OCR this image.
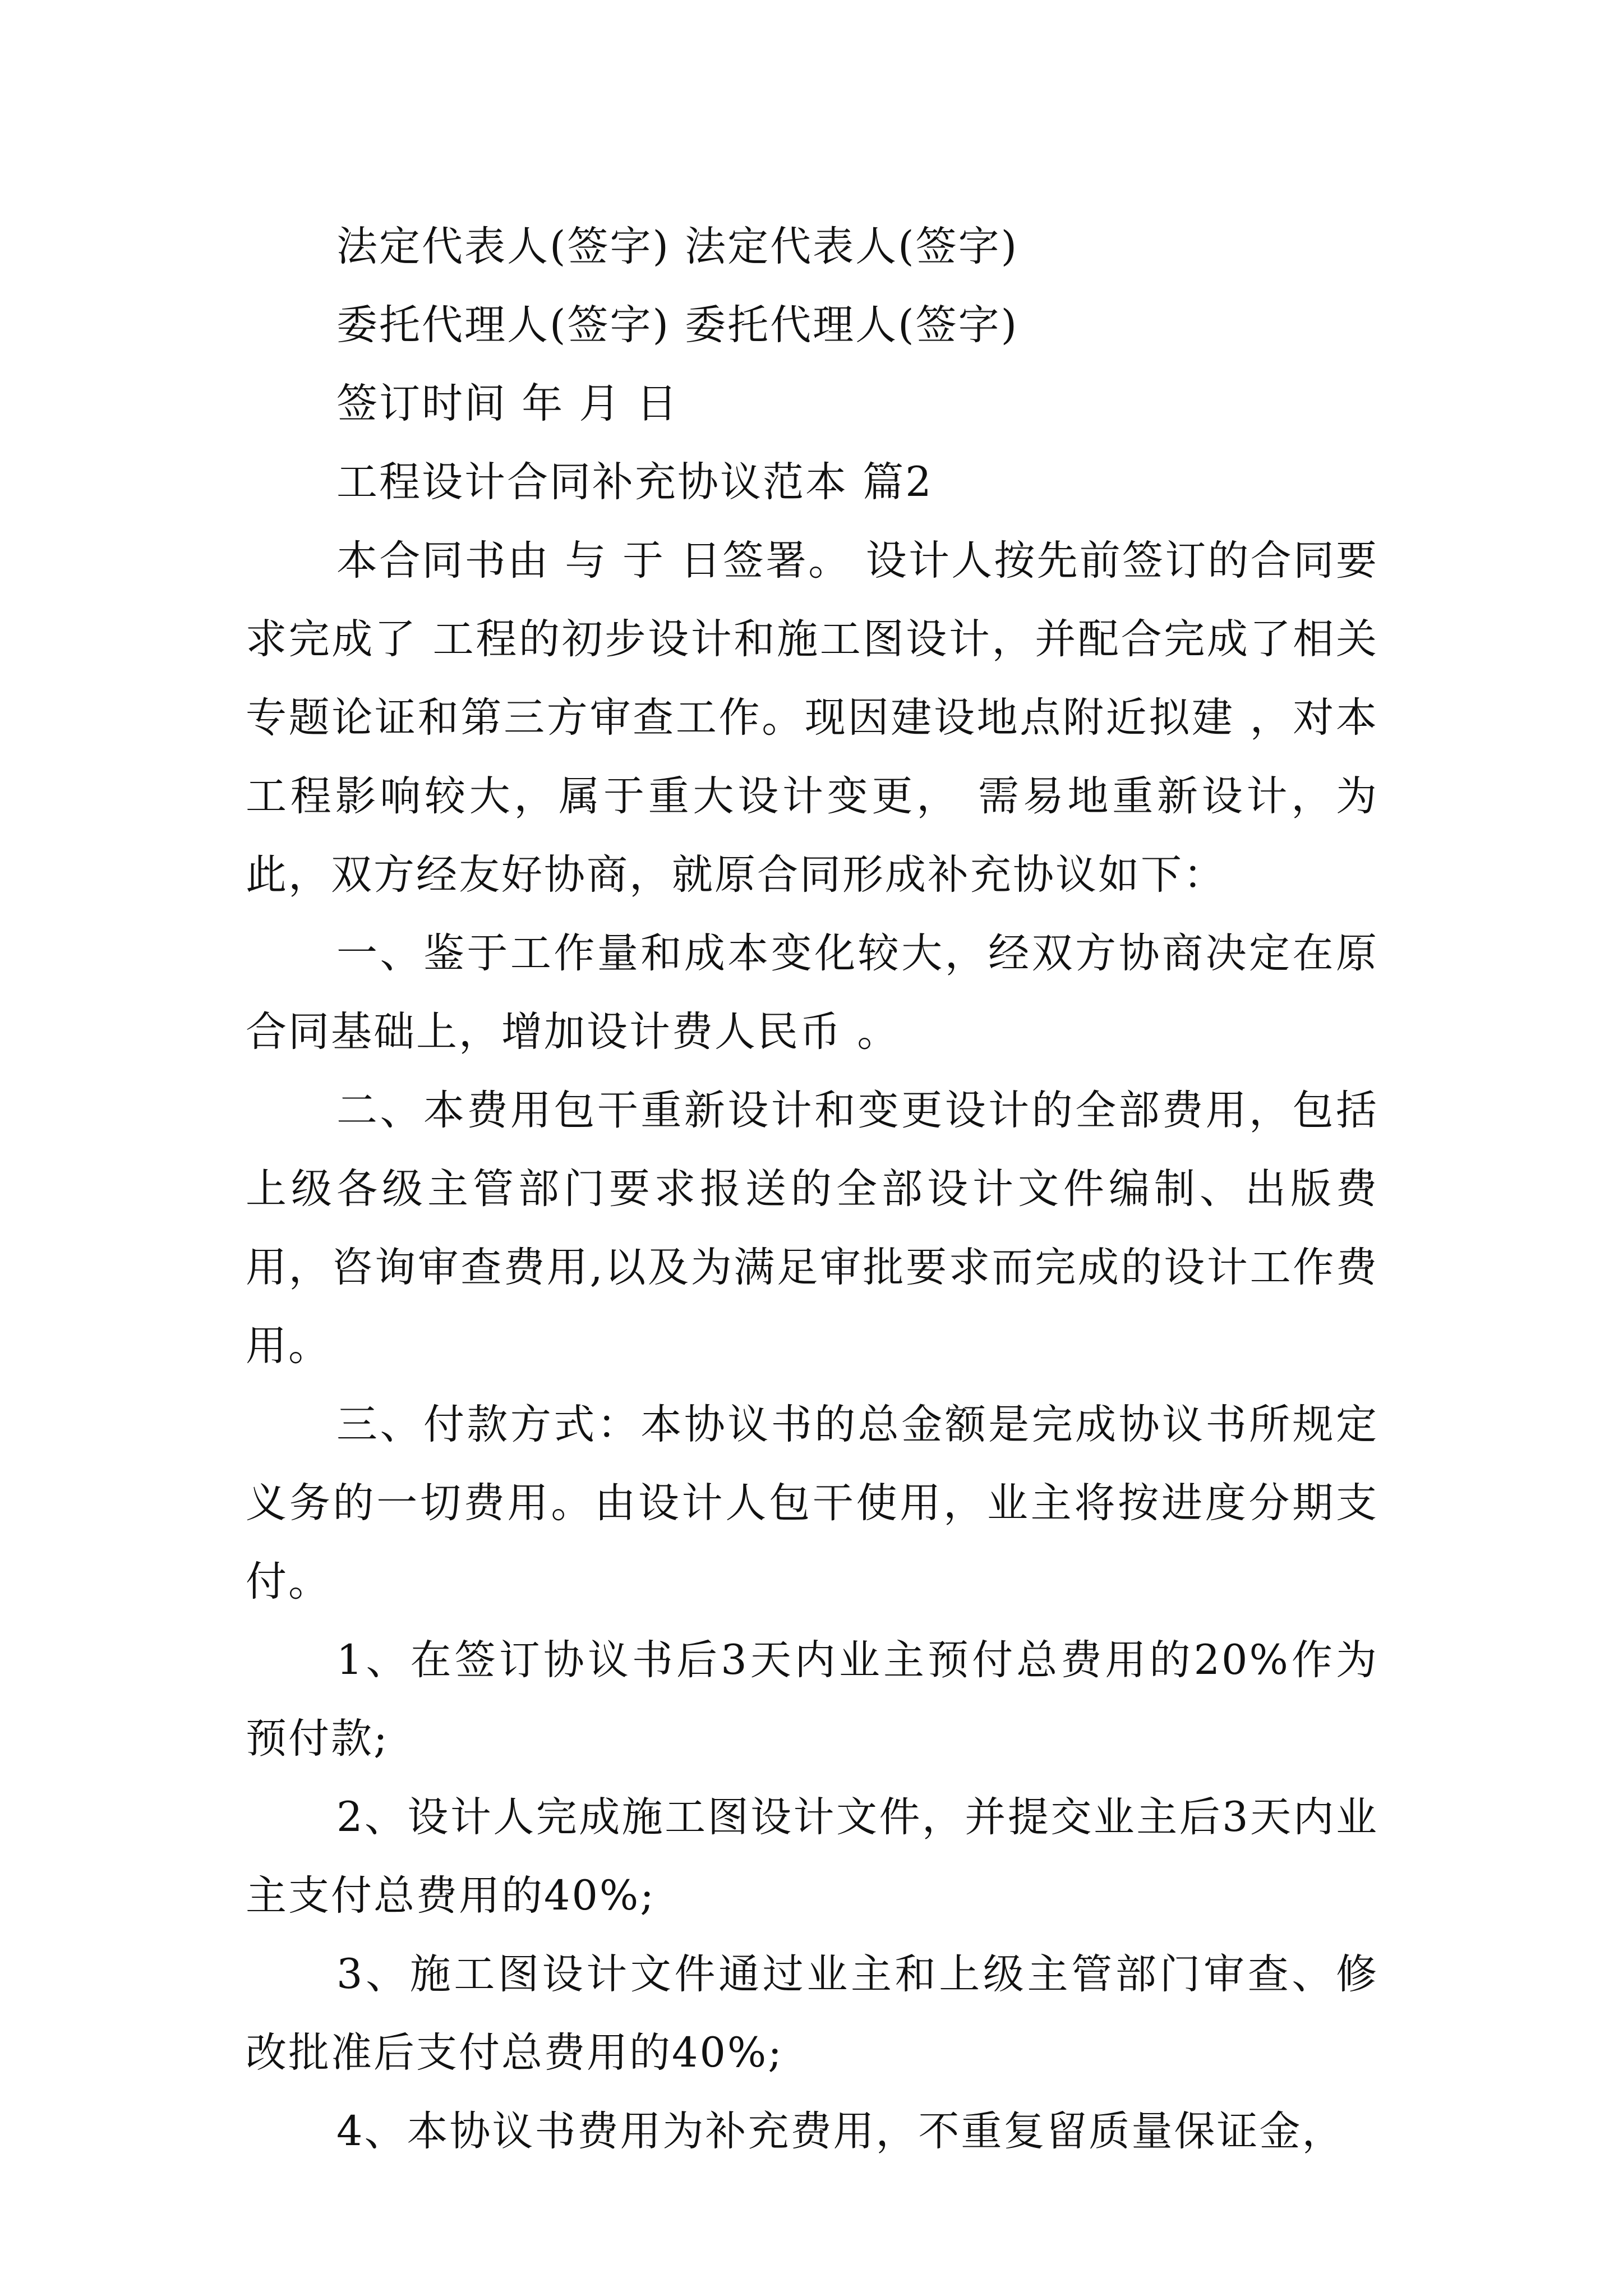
法定代表人(签字) 法定代表人(签字)

委托代理人(签字) 委托代理人(签字)

签订时间 年 月 日

工程设计合同补充协议范本 篇2

本合同书由 与 于 日签署。 设计人按先前签订的合同要求完成了 工程的初步设计和施工图设计，并配合完成了相关专题论证和第三方审查工作。现因建设地点附近拟建 ，对本工程影响较大，属于重大设计变更， 需易地重新设计，为此，双方经友好协商，就原合同形成补充协议如下：

一、鉴于工作量和成本变化较大，经双方协商决定在原合同基础上，增加设计费人民币 。

二、本费用包干重新设计和变更设计的全部费用，包括上级各级主管部门要求报送的全部设计文件编制、出版费用，咨询审查费用,以及为满足审批要求而完成的设计工作费用。

三、付款方式：本协议书的总金额是完成协议书所规定义务的一切费用。由设计人包干使用，业主将按进度分期支付。

1、在签订协议书后3天内业主预付总费用的20%作为预付款;

2、设计人完成施工图设计文件，并提交业主后3天内业主支付总费用的40%;

3、施工图设计文件通过业主和上级主管部门审查、修改批准后支付总费用的40%;

4、本协议书费用为补充费用，不重复留质量保证金，
